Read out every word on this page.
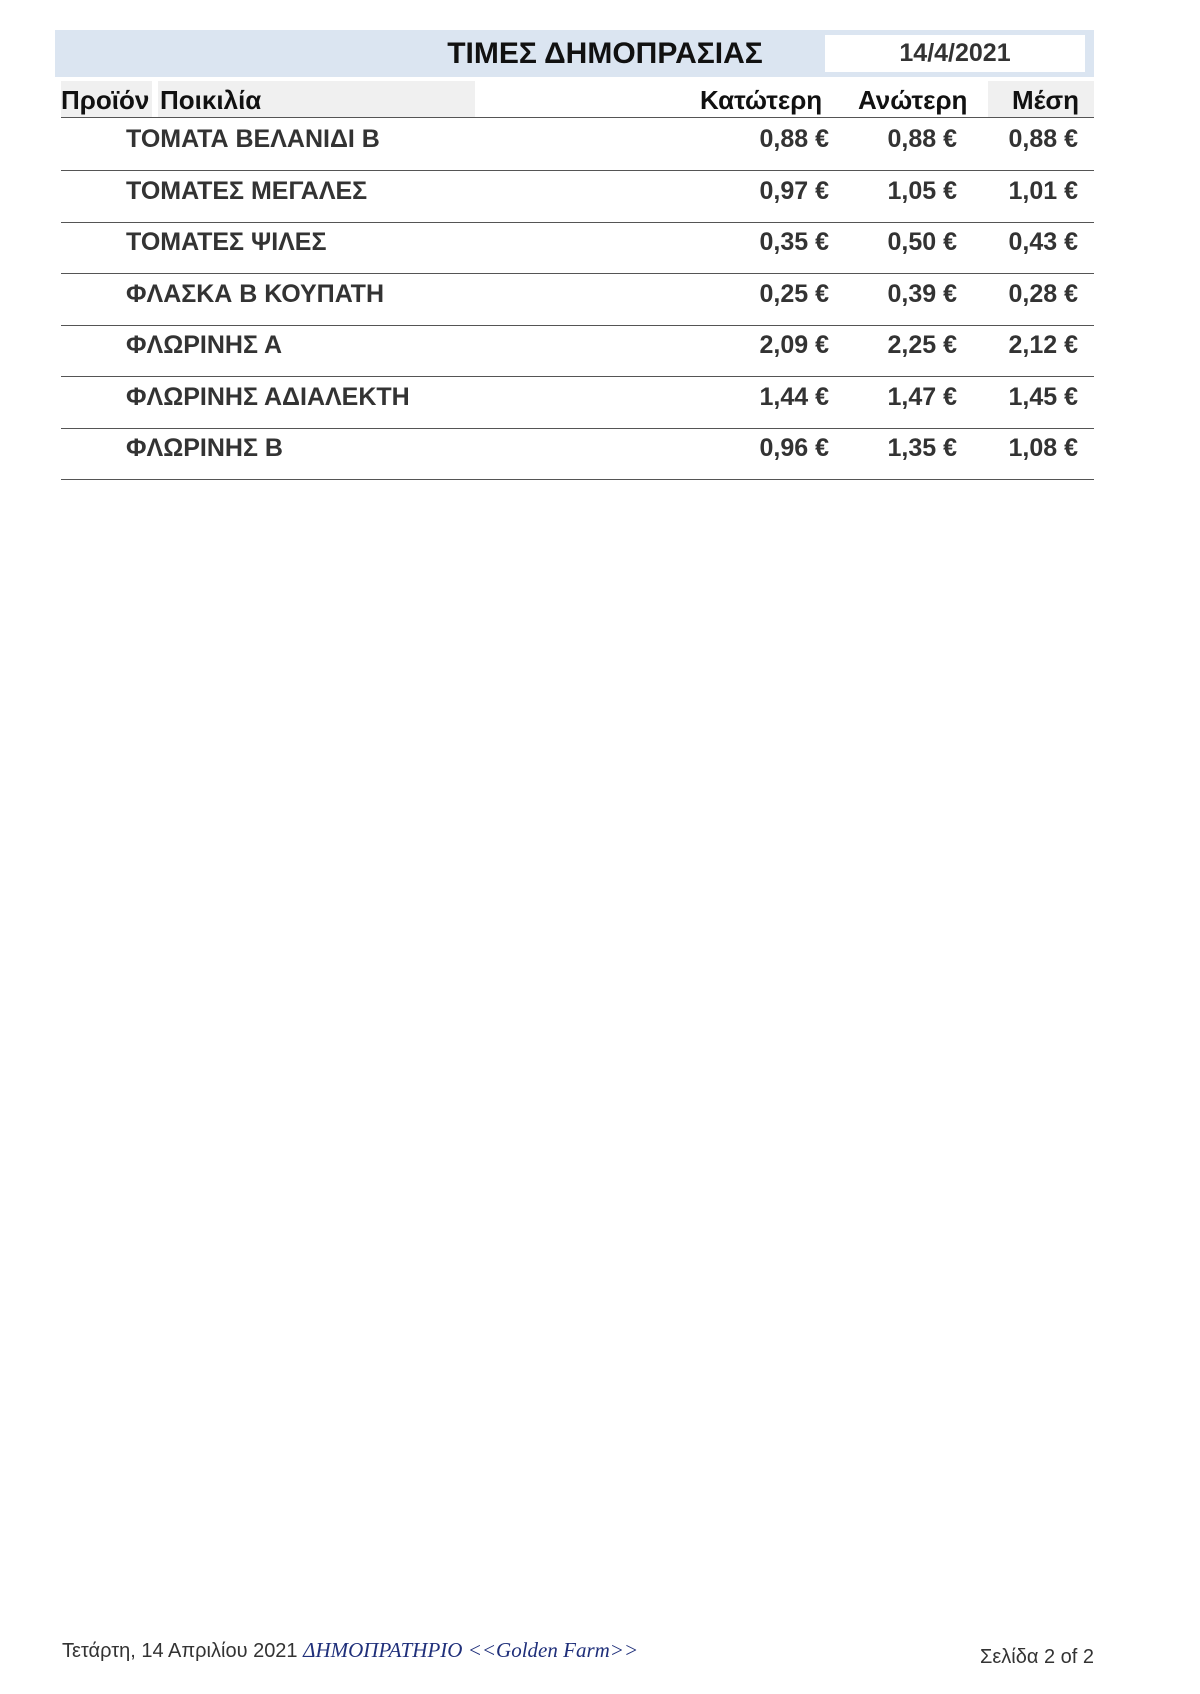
ΤΙΜΕΣ ΔΗΜΟΠΡΑΣΙΑΣ	14/4/2021
Προϊόν Ποικιλία	Κατώτερη Ανώτερη Μέση
ΤΟΜΑΤΑ ΒΕΛΑΝΙΔΙ Β	0,88 € 0,88 € 0,88 €
ΤΟΜΑΤΕΣ ΜΕΓΑΛΕΣ	0,97 € 1,05 € 1,01 €
ΤΟΜΑΤΕΣ ΨΙΛΕΣ	0,35 € 0,50 € 0,43 €
ΦΛΑΣΚΑ Β ΚΟΥΠΑΤΗ	0,25 € 0,39 € 0,28 €
ΦΛΩΡΙΝΗΣ Α	2,09 € 2,25 € 2,12 €
ΦΛΩΡΙΝΗΣ ΑΔΙΑΛΕΚΤΗ	1,44 € 1,47 € 1,45 €
ΦΛΩΡΙΝΗΣ Β	0,96 € 1,35 € 1,08 €
Τετάρτη, 14 Απριλίου 2021 ΔΗΜΟΠΡΑΤΗΡΙΟ <<Golden Farm>>	Σελίδα 2 of 2
